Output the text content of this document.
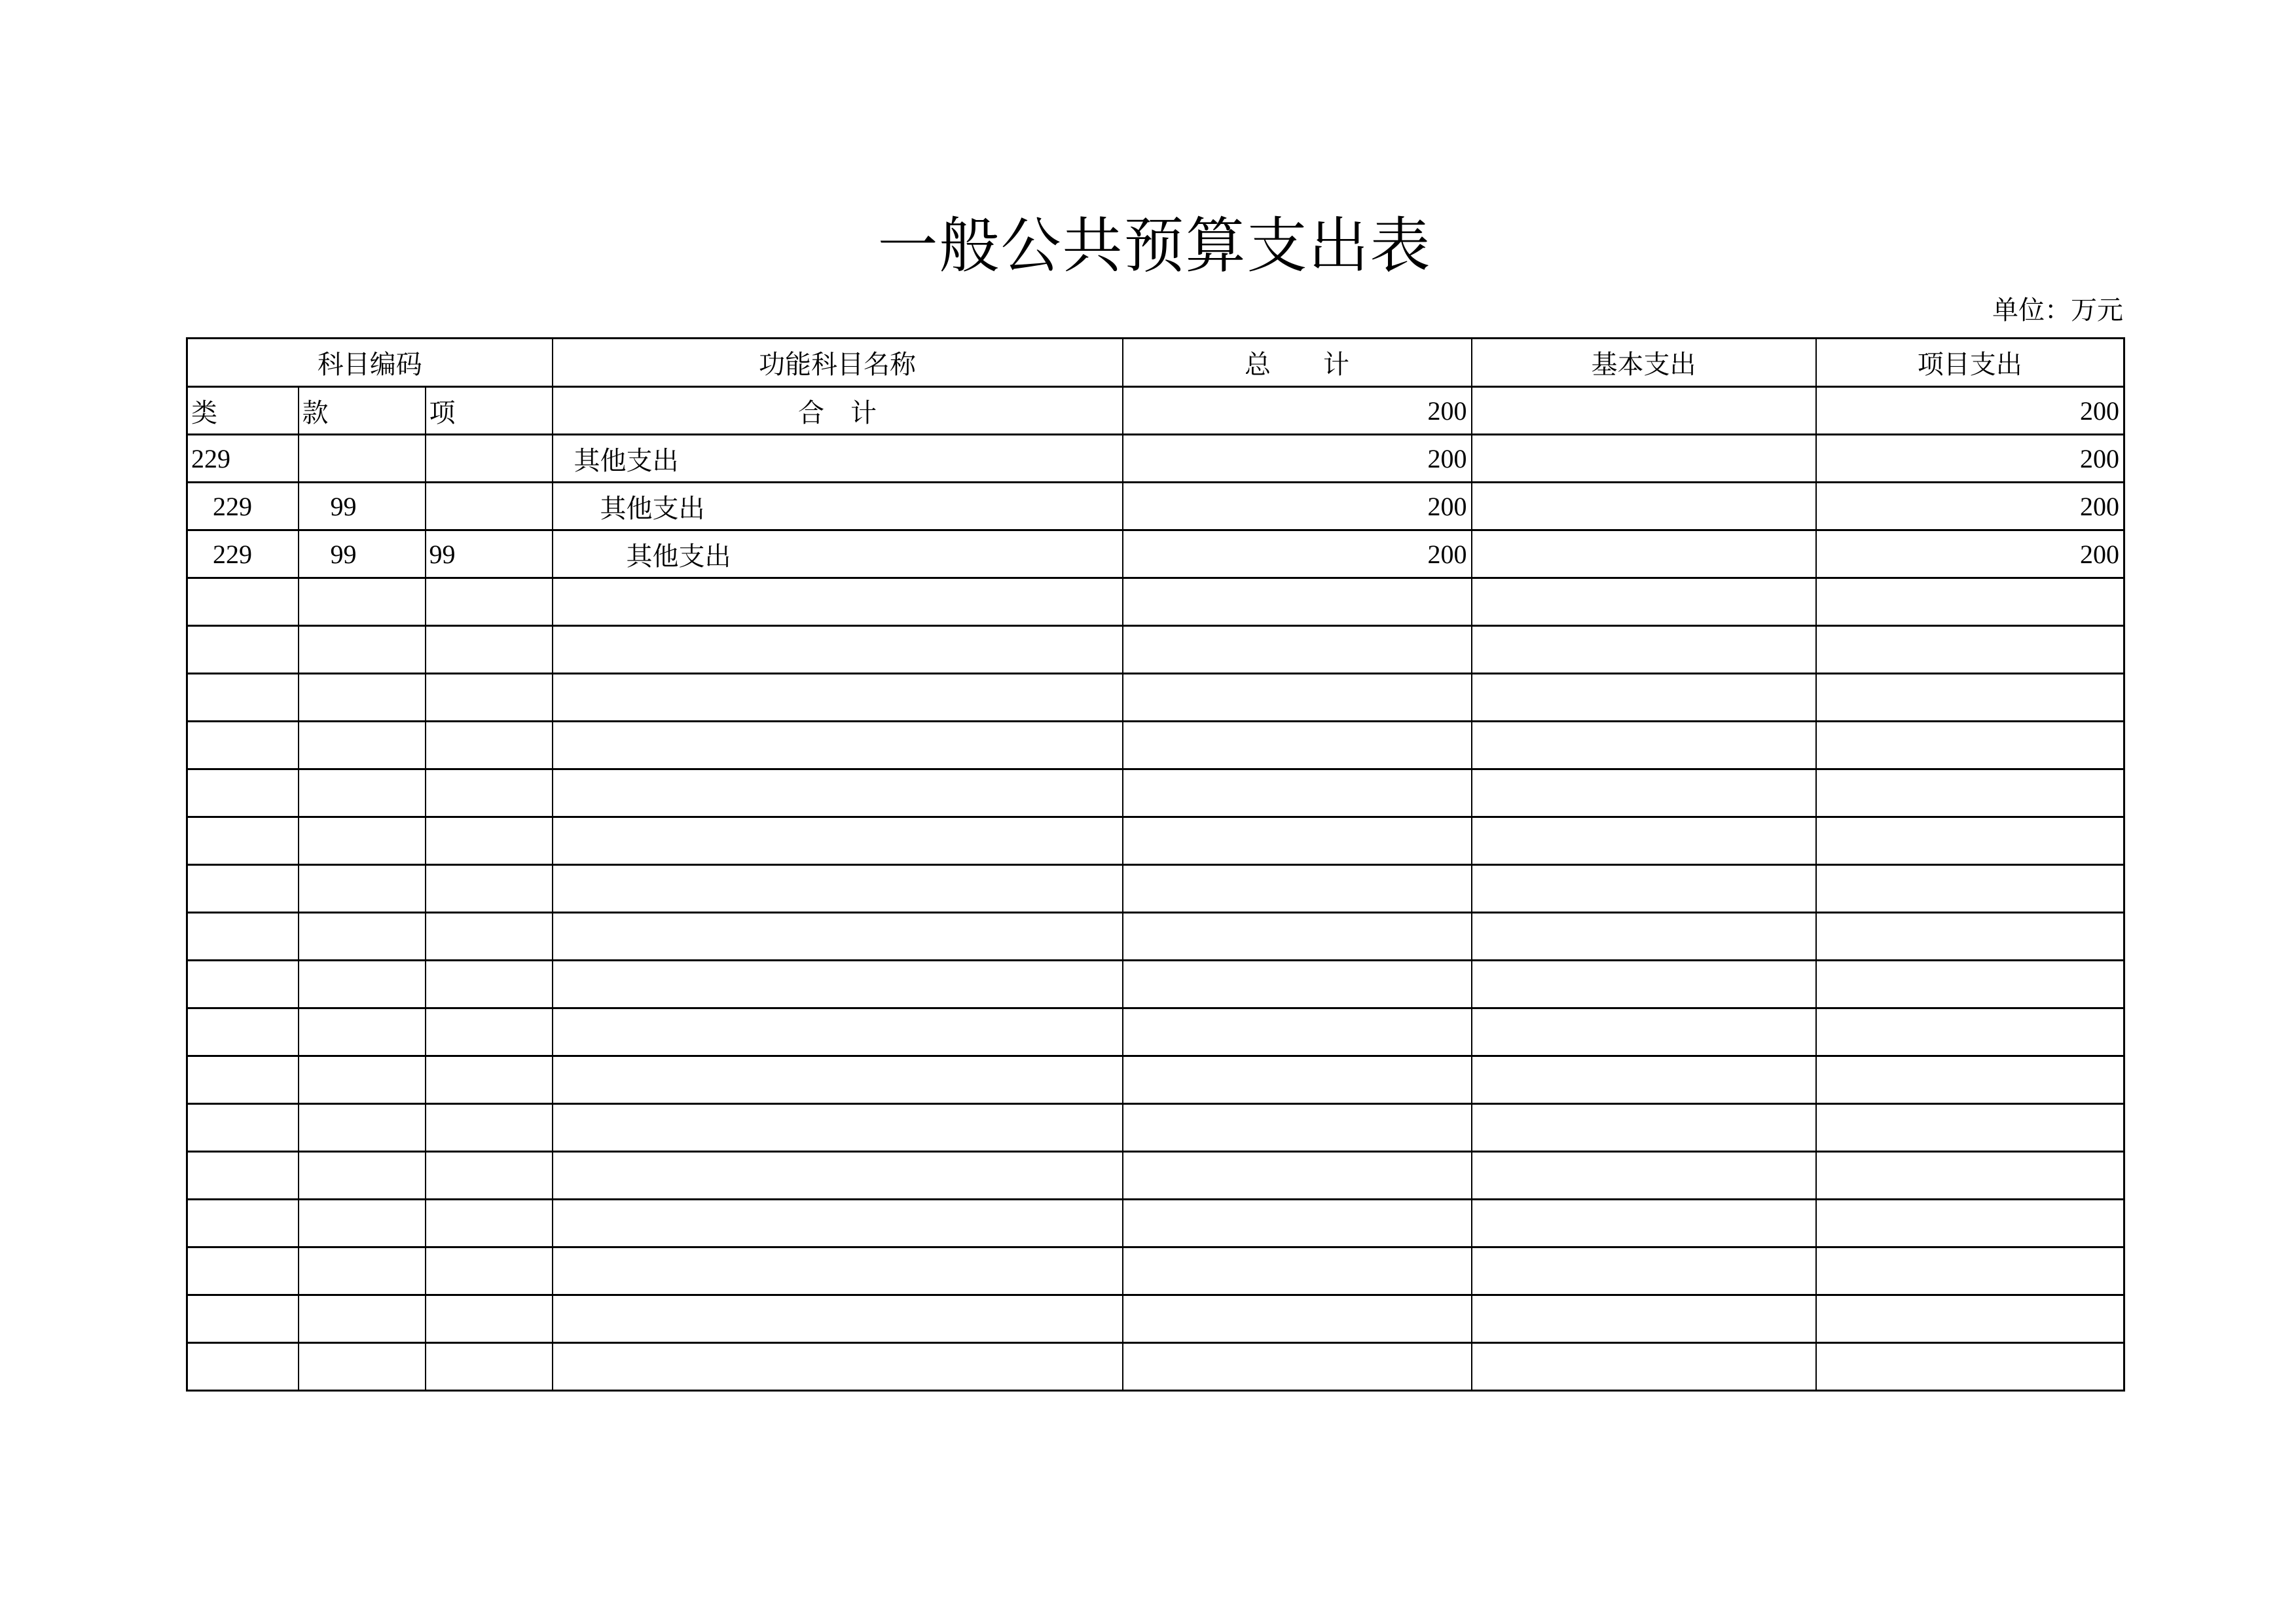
一般公共预算支出表
单位：万元
科目编码			功能科目名称	总　　计	基本支出	项目支出
类	款	项	合　计	200		200
229			其他支出	200		200
229	99		其他支出	200		200
229	99	99	其他支出	200		200
